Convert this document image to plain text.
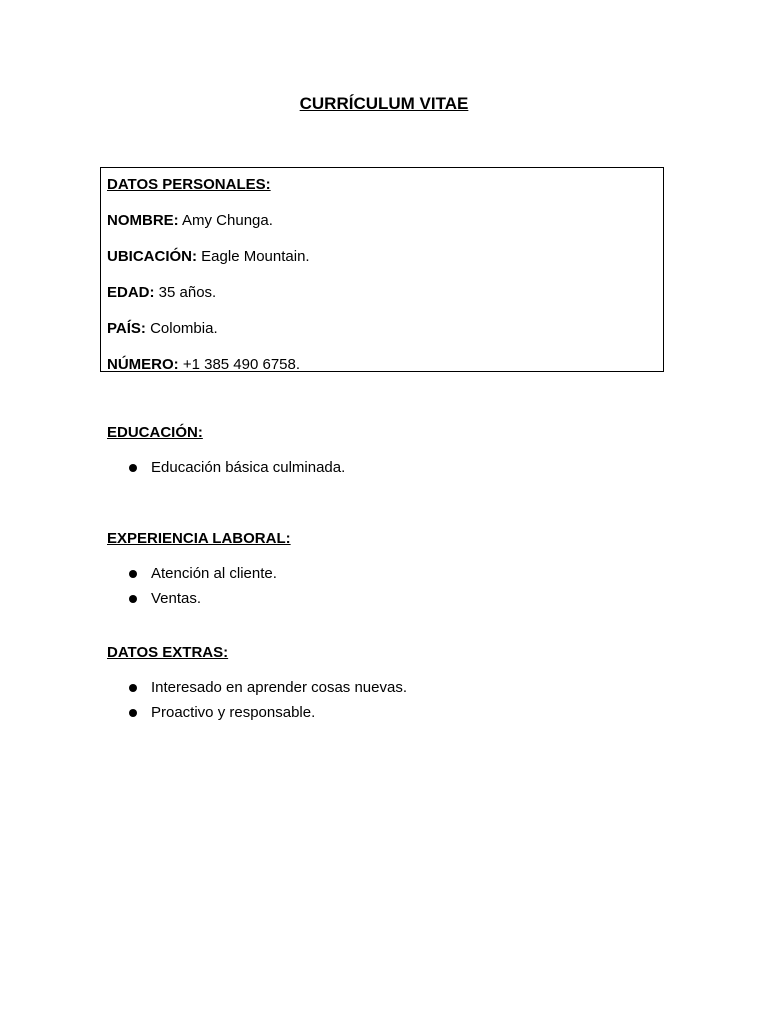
CURRÍCULUM VITAE
DATOS PERSONALES:
NOMBRE: Amy Chunga.
UBICACIÓN: Eagle Mountain.
EDAD: 35 años.
PAÍS: Colombia.
NÚMERO: +1 385 490 6758.
EDUCACIÓN:
Educación básica culminada.
EXPERIENCIA LABORAL:
Atención al cliente.
Ventas.
DATOS EXTRAS:
Interesado en aprender cosas nuevas.
Proactivo y responsable.
